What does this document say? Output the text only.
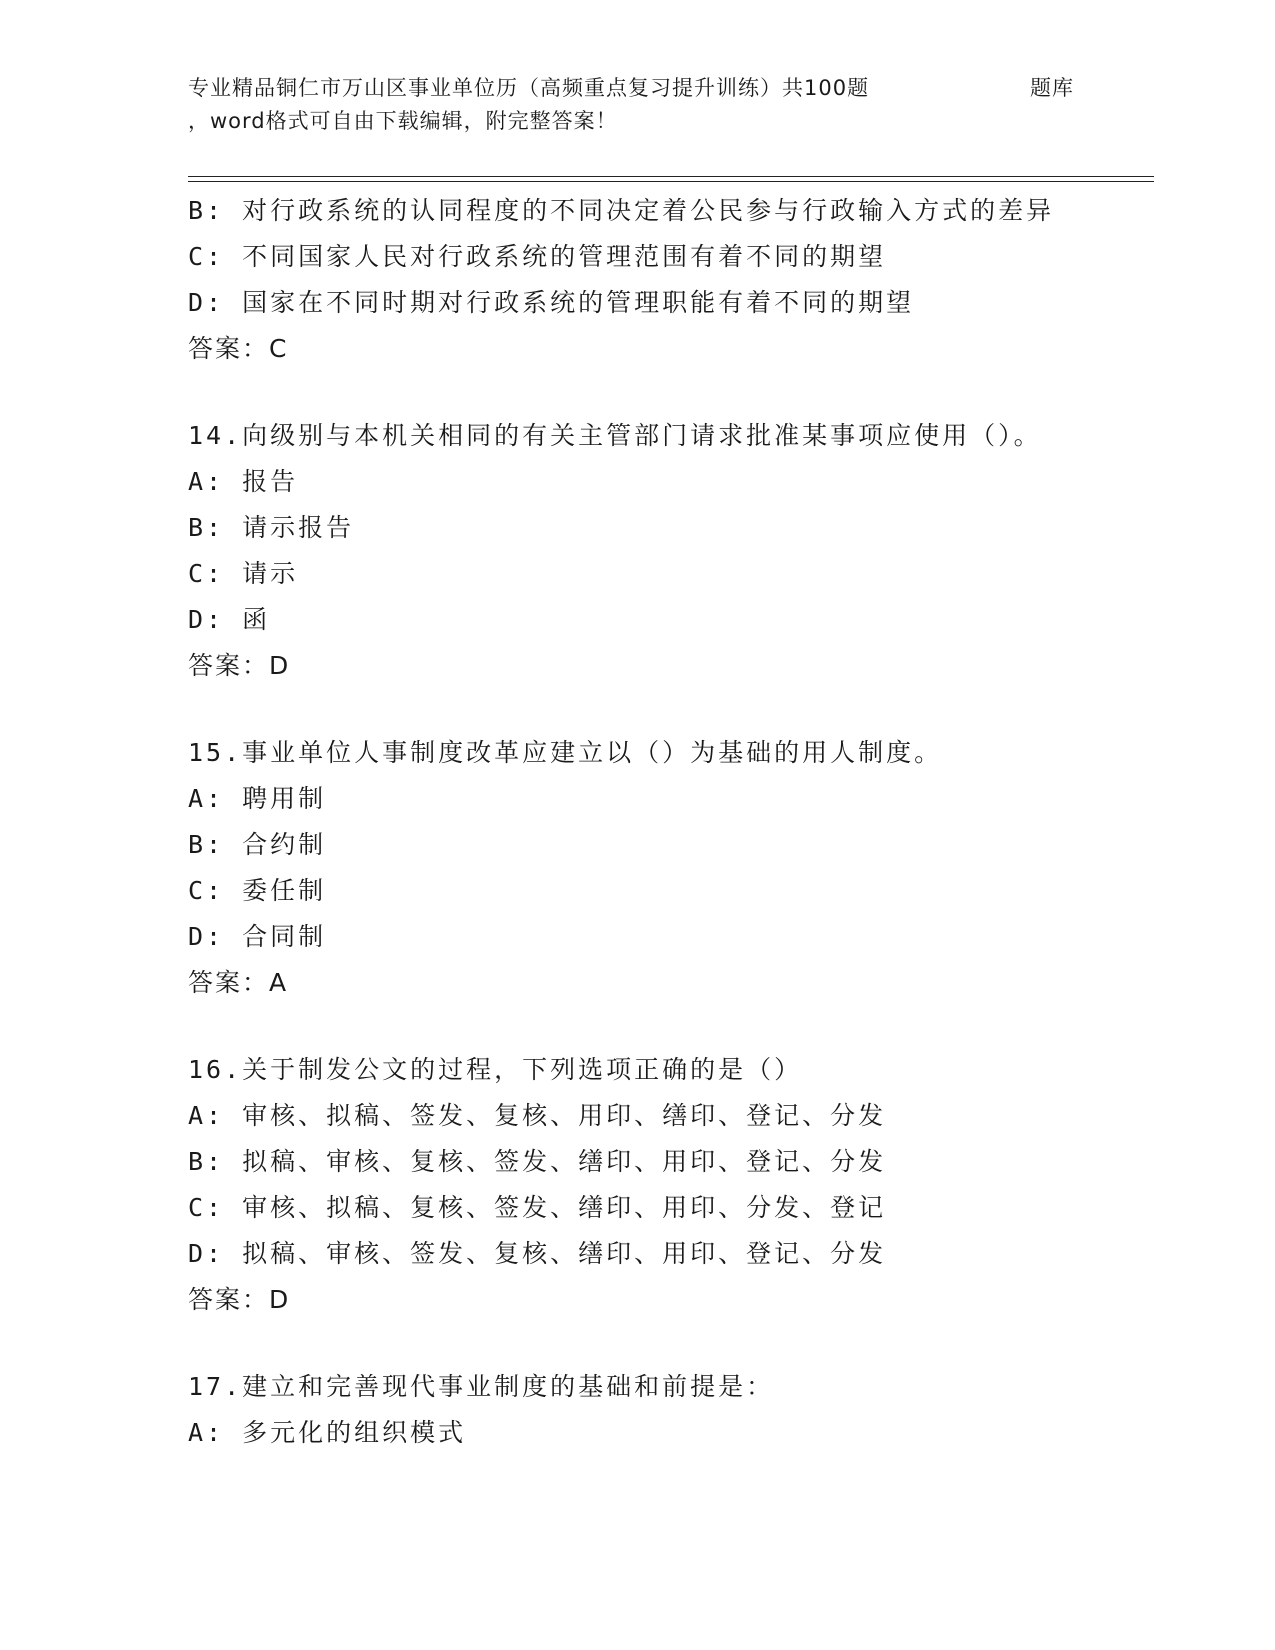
专业精品铜仁市万山区事业单位历（高频重点复习提升训练）共100题	题库
，word格式可自由下载编辑，附完整答案！
B: 对行政系统的认同程度的不同决定着公民参与行政输入方式的差异
C: 不同国家人民对行政系统的管理范围有着不同的期望
D: 国家在不同时期对行政系统的管理职能有着不同的期望
答案：C
14.向级别与本机关相同的有关主管部门请求批准某事项应使用（）。
A: 报告
B: 请示报告
C: 请示
D: 函
答案：D
15.事业单位人事制度改革应建立以（）为基础的用人制度。
A: 聘用制
B: 合约制
C: 委任制
D: 合同制
答案：A
16.关于制发公文的过程，下列选项正确的是（）
A: 审核、拟稿、签发、复核、用印、缮印、登记、分发
B: 拟稿、审核、复核、签发、缮印、用印、登记、分发
C: 审核、拟稿、复核、签发、缮印、用印、分发、登记
D: 拟稿、审核、签发、复核、缮印、用印、登记、分发
答案：D
17.建立和完善现代事业制度的基础和前提是：
A: 多元化的组织模式
